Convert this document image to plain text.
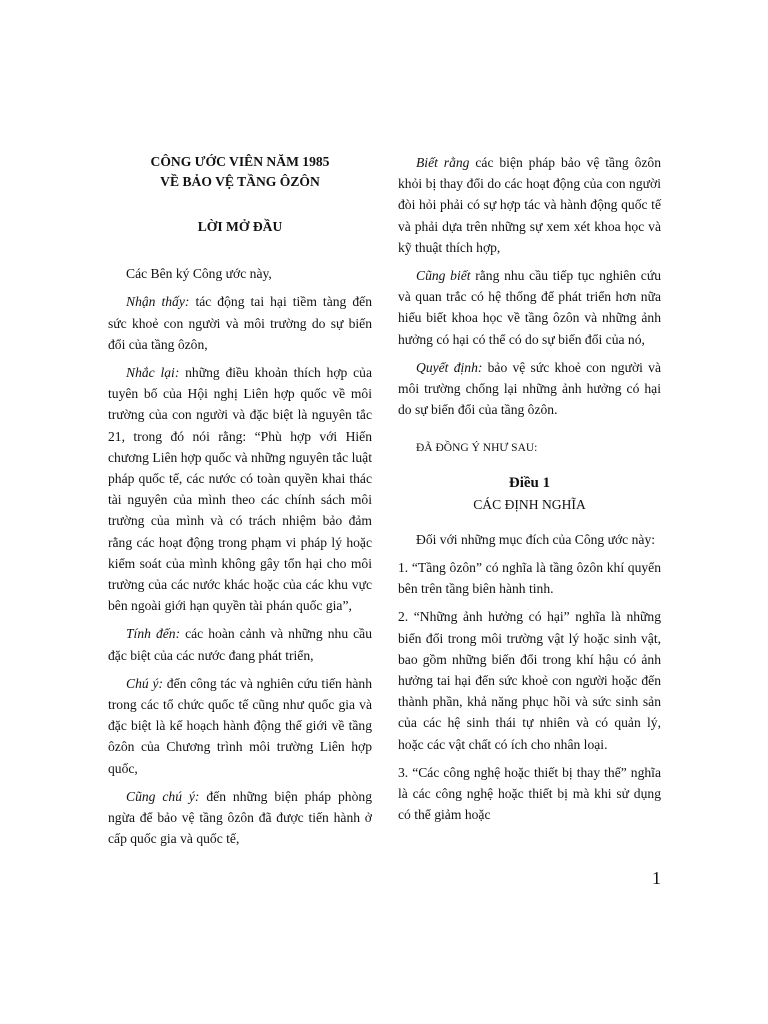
CÔNG ƯỚC VIÊN NĂM 1985

VỀ BẢO VỆ TẦNG ÔZÔN

LỜI MỞ ĐẦU

Các Bên ký Công ước này,

Nhận thấy: tác động tai hại tiềm tàng đến sức khoẻ con người và môi trường do sự biến đổi của tầng ôzôn,

Nhắc lại: những điều khoản thích hợp của tuyên bố của Hội nghị Liên hợp quốc về môi trường của con người và đặc biệt là nguyên tắc 21, trong đó nói rằng: “Phù hợp với Hiến chương Liên hợp quốc và những nguyên tắc luật pháp quốc tế, các nước có toàn quyền khai thác tài nguyên của mình theo các chính sách môi trường của mình và có trách nhiệm bảo đảm rằng các hoạt động trong phạm vi pháp lý hoặc kiểm soát của mình không gây tổn hại cho môi trường của các nước khác hoặc của các khu vực bên ngoài giới hạn quyền tài phán quốc gia”,

Tính đến: các hoàn cảnh và những nhu cầu đặc biệt của các nước đang phát triển,

Chú ý: đến công tác và nghiên cứu tiến hành trong các tổ chức quốc tế cũng như quốc gia và đặc biệt là kế hoạch hành động thế giới về tầng ôzôn của Chương trình môi trường Liên hợp quốc,

Cũng chú ý: đến những biện pháp phòng ngừa để bảo vệ tầng ôzôn đã được tiến hành ở cấp quốc gia và quốc tế,

Biết rằng các biện pháp bảo vệ tầng ôzôn khỏi bị thay đổi do các hoạt động của con người đòi hỏi phải có sự hợp tác và hành động quốc tế và phải dựa trên những sự xem xét khoa học và kỹ thuật thích hợp,

Cũng biết rằng nhu cầu tiếp tục nghiên cứu và quan trắc có hệ thống để phát triển hơn nữa hiểu biết khoa học về tầng ôzôn và những ảnh hưởng có hại có thể có do sự biến đổi của nó,

Quyết định: bảo vệ sức khoẻ con người và môi trường chống lại những ảnh hưởng có hại do sự biến đổi của tầng ôzôn.

ĐÃ ĐỒNG Ý NHƯ SAU:

Điều 1

CÁC ĐỊNH NGHĨA

Đối với những mục đích của Công ước này:

1. “Tầng ôzôn” có nghĩa là tầng ôzôn khí quyển bên trên tầng biên hành tinh.

2. “Những ảnh hưởng có hại” nghĩa là những biến đổi trong môi trường vật lý hoặc sinh vật, bao gồm những biến đổi trong khí hậu có ảnh hưởng tai hại đến sức khoẻ con người hoặc đến thành phần, khả năng phục hồi và sức sinh sản của các hệ sinh thái tự nhiên và có quản lý, hoặc các vật chất có ích cho nhân loại.

3. “Các công nghệ hoặc thiết bị thay thế” nghĩa là các công nghệ hoặc thiết bị mà khi sử dụng có thể giảm hoặc

1
